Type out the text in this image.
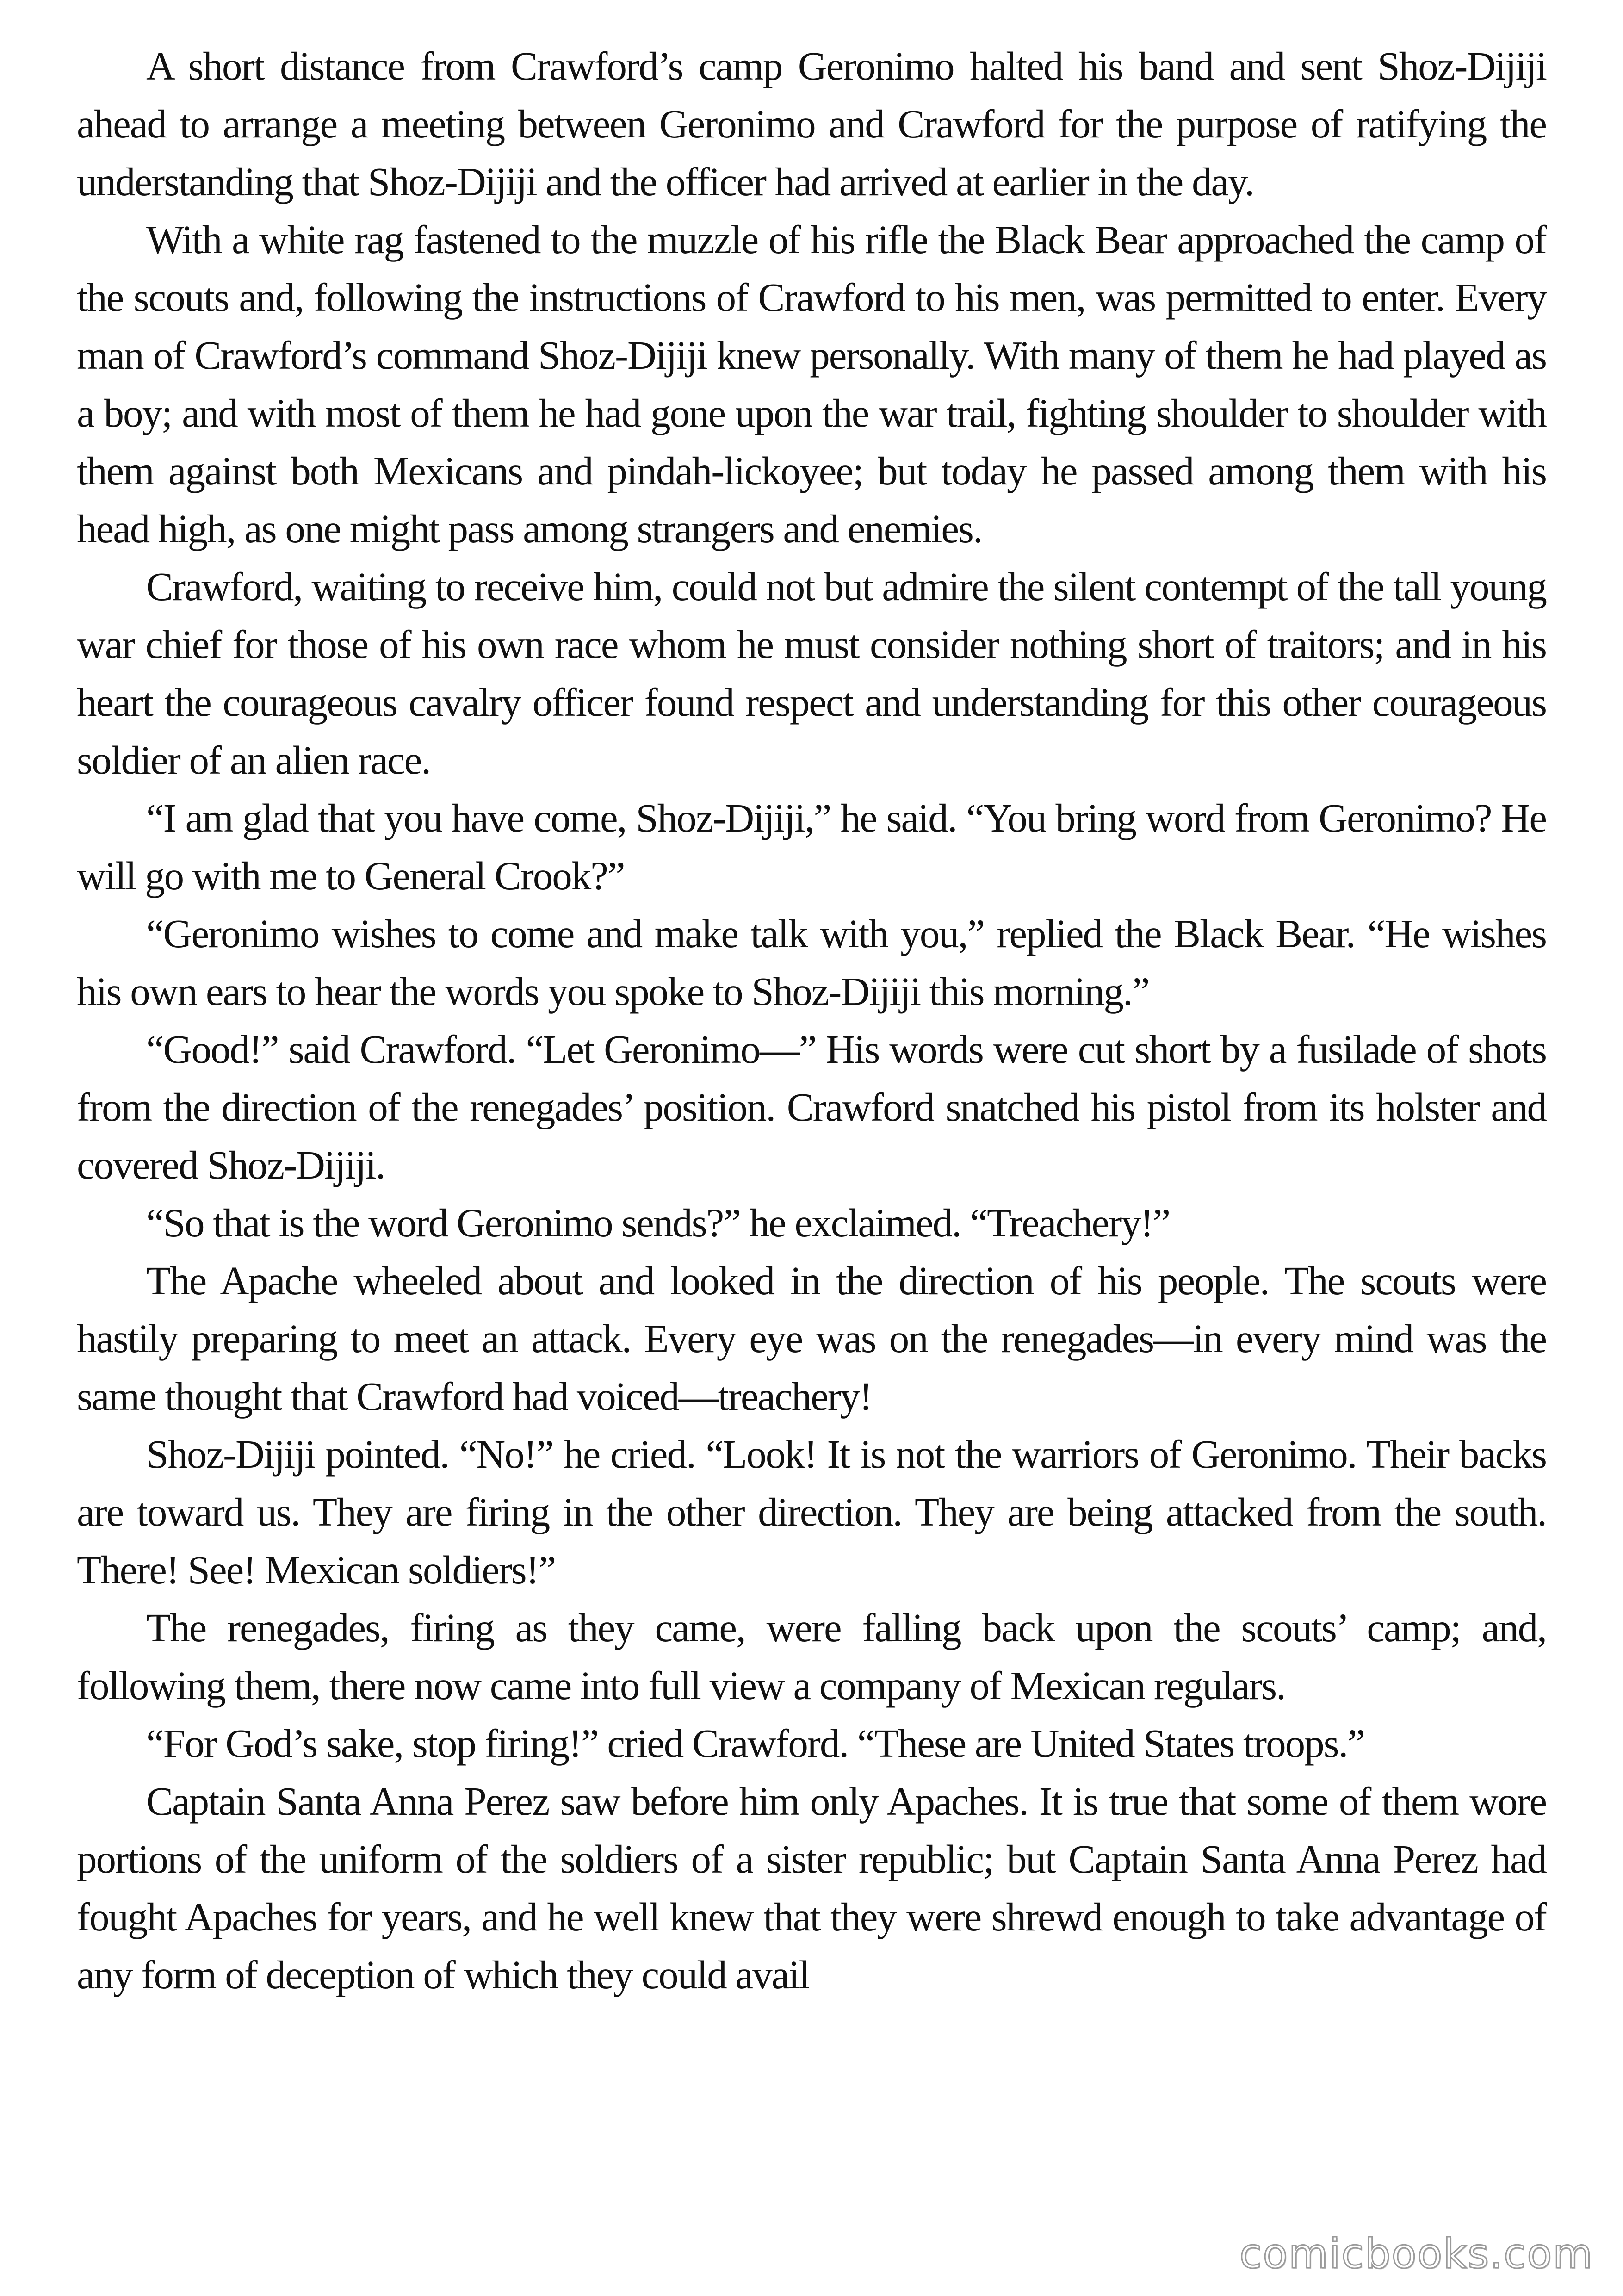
A short distance from Crawford’s camp Geronimo halted his band and sent Shoz-Dijiji ahead to arrange a meeting between Geronimo and Crawford for the purpose of ratifying the understanding that Shoz-Dijiji and the officer had arrived at earlier in the day.

With a white rag fastened to the muzzle of his rifle the Black Bear approached the camp of the scouts and, following the instructions of Crawford to his men, was permitted to enter. Every man of Crawford’s command Shoz-Dijiji knew personally. With many of them he had played as a boy; and with most of them he had gone upon the war trail, fighting shoulder to shoulder with them against both Mexicans and pindah-lickoyee; but today he passed among them with his head high, as one might pass among strangers and enemies.

Crawford, waiting to receive him, could not but admire the silent contempt of the tall young war chief for those of his own race whom he must consider nothing short of traitors; and in his heart the courageous cavalry officer found respect and understanding for this other courageous soldier of an alien race.

“I am glad that you have come, Shoz-Dijiji,” he said. “You bring word from Geronimo? He will go with me to General Crook?”

“Geronimo wishes to come and make talk with you,” replied the Black Bear. “He wishes his own ears to hear the words you spoke to Shoz-Dijiji this morning.”

“Good!” said Crawford. “Let Geronimo—” His words were cut short by a fusilade of shots from the direction of the renegades’ position. Crawford snatched his pistol from its holster and covered Shoz-Dijiji.

“So that is the word Geronimo sends?” he exclaimed. “Treachery!”

The Apache wheeled about and looked in the direction of his people. The scouts were hastily preparing to meet an attack. Every eye was on the renegades—in every mind was the same thought that Crawford had voiced—treachery!

Shoz-Dijiji pointed. “No!” he cried. “Look! It is not the warriors of Geronimo. Their backs are toward us. They are firing in the other direction. They are being attacked from the south. There! See! Mexican soldiers!”

The renegades, firing as they came, were falling back upon the scouts’ camp; and, following them, there now came into full view a company of Mexican regulars.

“For God’s sake, stop firing!” cried Crawford. “These are United States troops.”

Captain Santa Anna Perez saw before him only Apaches. It is true that some of them wore portions of the uniform of the soldiers of a sister republic; but Captain Santa Anna Perez had fought Apaches for years, and he well knew that they were shrewd enough to take advantage of any form of deception of which they could avail

comicbooks.com
